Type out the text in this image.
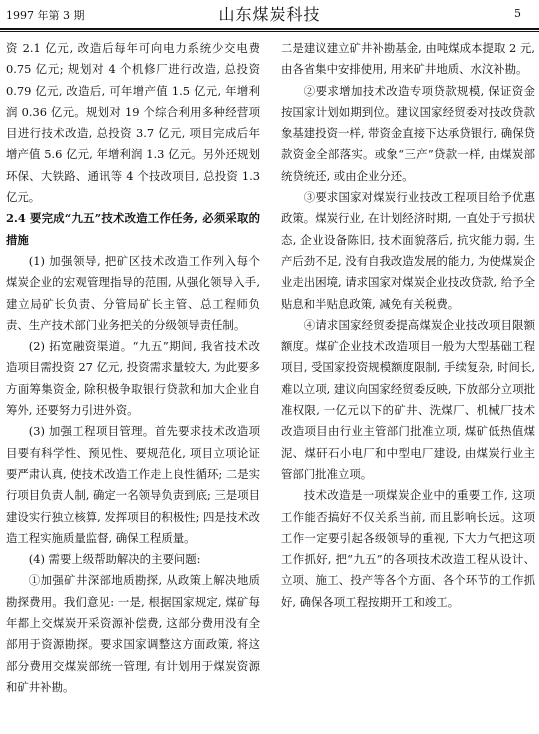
1997 年第 3 期	山东煤炭科技	5

资 2.1 亿元, 改造后每年可向电力系统少交电费 0.75 亿元; 规划对 4 个机修厂进行改造, 总投资 0.79 亿元, 改造后, 可年增产值 1.5 亿元, 年增利润 0.36 亿元。规划对 19 个综合利用多种经营项目进行技术改造, 总投资 3.7 亿元, 项目完成后年增产值 5.6 亿元, 年增利润 1.3 亿元。另外还规划环保、大铁路、通讯等 4 个技改项目, 总投资 1.3 亿元。

2.4 要完成“九五”技术改造工作任务, 必须采取的措施

(1) 加强领导, 把矿区技术改造工作列入每个煤炭企业的宏观管理指导的范围, 从强化领导入手, 建立局矿长负责、分管局矿长主管、总工程师负责、生产技术部门业务把关的分级领导责任制。

(2) 拓宽融资渠道。“九五”期间, 我省技术改造项目需投资 27 亿元, 投资需求量较大, 为此要多方面筹集资金, 除积极争取银行贷款和加大企业自筹外, 还要努力引进外资。

(3) 加强工程项目管理。首先要求技术改造项目要有科学性、预见性、要规范化, 项目立项论证要严肃认真, 使技术改造工作走上良性循环; 二是实行项目负责人制, 确定一名领导负责到底; 三是项目建设实行独立核算, 发挥项目的积极性; 四是技术改造工程实施质量监督, 确保工程质量。

(4) 需要上级帮助解决的主要问题:

①加强矿井深部地质勘探, 从政策上解决地质勘探费用。我们意见: 一是, 根据国家规定, 煤矿每年都上交煤炭开采资源补偿费, 这部分费用没有全部用于资源勘探。要求国家调整这方面政策, 将这部分费用交煤炭部统一管理, 有计划用于煤炭资源和矿井补勘。

二是建议建立矿井补勘基金, 由吨煤成本提取 2 元, 由各省集中安排使用, 用来矿井地质、水汶补勘。

②要求增加技术改造专项贷款规模, 保证资金按国家计划如期到位。建议国家经贸委对技改贷款象基建投资一样, 带资金直接下达承贷银行, 确保贷款资金全部落实。或象“三产”贷款一样, 由煤炭部统贷统还, 或由企业分还。

③要求国家对煤炭行业技改工程项目给予优惠政策。煤炭行业, 在计划经济时期, 一直处于亏损状态, 企业设备陈旧, 技术面貌落后, 抗灾能力弱, 生产后劲不足, 没有自我改造发展的能力, 为使煤炭企业走出困境, 请求国家对煤炭企业技改贷款, 给予全贴息和半贴息政策, 减免有关税费。

④请求国家经贸委提高煤炭企业技改项目限额额度。煤矿企业技术改造项目一般为大型基础工程项目, 受国家投资规模额度限制, 手续复杂, 时间长, 难以立项, 建议向国家经贸委反映, 下放部分立项批准权限, 一亿元以下的矿井、洗煤厂、机械厂技术改造项目由行业主管部门批准立项, 煤矿低热值煤泥、煤矸石小电厂和中型电厂建设, 由煤炭行业主管部门批准立项。

技术改造是一项煤炭企业中的重要工作, 这项工作能否搞好不仅关系当前, 而且影响长远。这项工作一定要引起各级领导的重视, 下大力气把这项工作抓好, 把“九五”的各项技术改造工程从设计、立项、施工、投产等各个方面、各个环节的工作抓好, 确保各项工程按期开工和竣工。
